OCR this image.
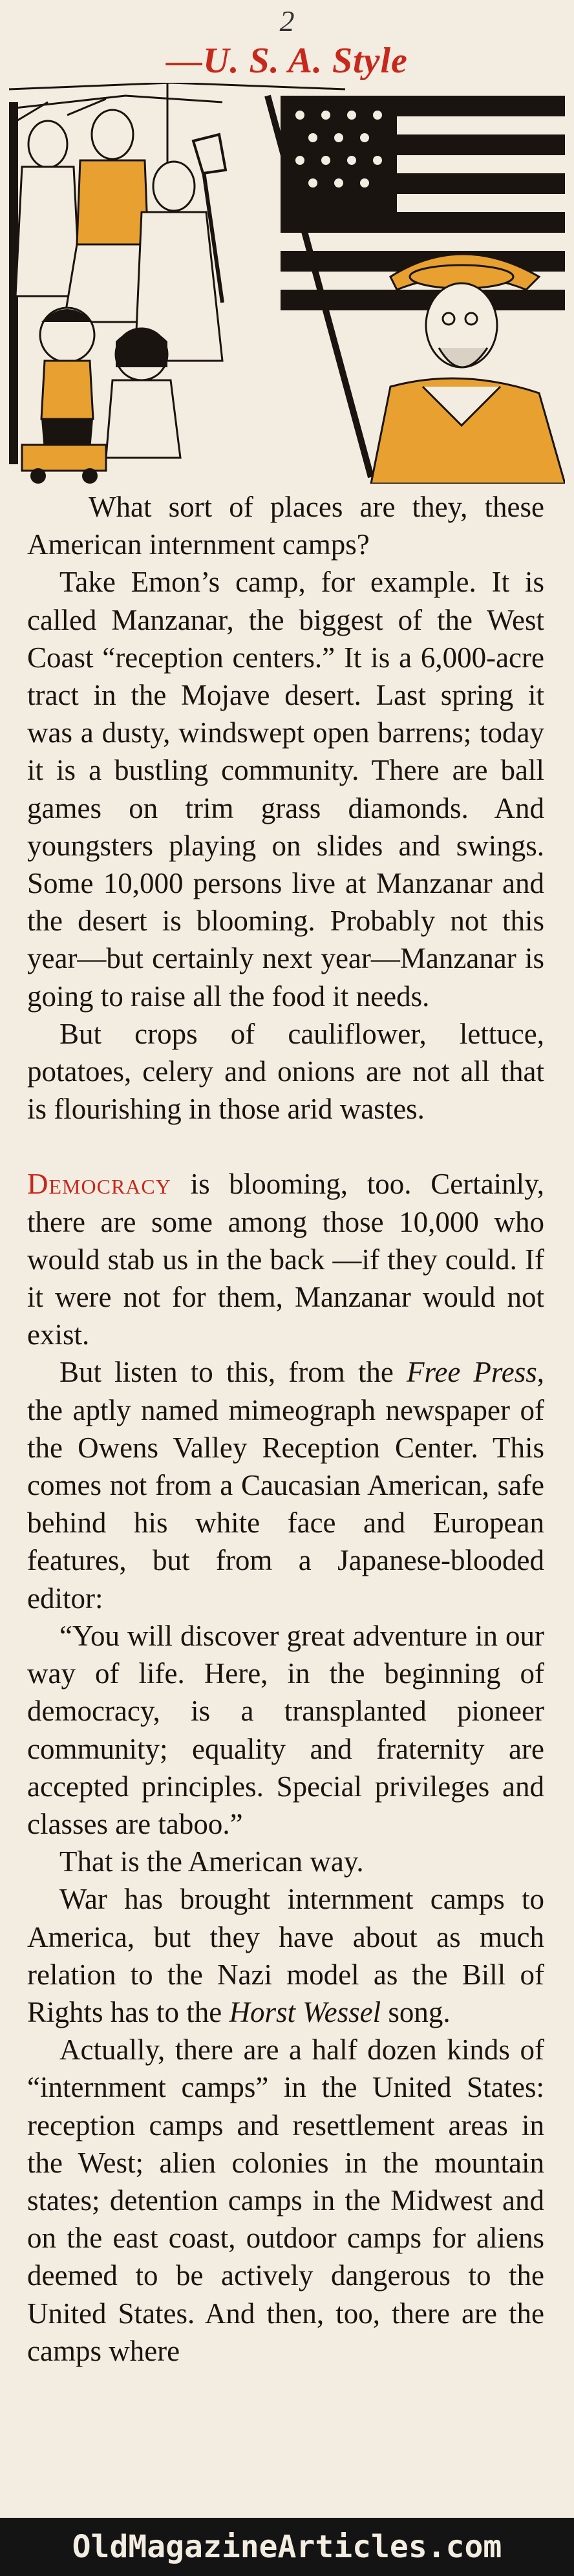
2
—U. S. A. Style

What sort of places are they, these American internment camps?

Take Emon’s camp, for example. It is called Manzanar, the biggest of the West Coast “reception centers.” It is a 6,000-acre tract in the Mojave desert. Last spring it was a dusty, windswept open barrens; today it is a bustling community. There are ball games on trim grass diamonds. And youngsters playing on slides and swings. Some 10,000 persons live at Manzanar and the desert is blooming. Probably not this year—but certainly next year—Manzanar is going to raise all the food it needs.

But crops of cauliflower, lettuce, potatoes, celery and onions are not all that is flourishing in those arid wastes.

Democracy is blooming, too. Certainly, there are some among those 10,000 who would stab us in the back —if they could. If it were not for them, Manzanar would not exist.

But listen to this, from the Free Press, the aptly named mimeograph newspaper of the Owens Valley Reception Center. This comes not from a Caucasian American, safe behind his white face and European features, but from a Japanese-blooded editor:

“You will discover great adventure in our way of life. Here, in the beginning of democracy, is a transplanted pioneer community; equality and fraternity are accepted principles. Special privileges and classes are taboo.”

That is the American way.

War has brought internment camps to America, but they have about as much relation to the Nazi model as the Bill of Rights has to the Horst Wessel song.

Actually, there are a half dozen kinds of “internment camps” in the United States: reception camps and resettlement areas in the West; alien colonies in the mountain states; detention camps in the Midwest and on the east coast, outdoor camps for aliens deemed to be actively dangerous to the United States. And then, too, there are the camps where

OldMagazineArticles.com
